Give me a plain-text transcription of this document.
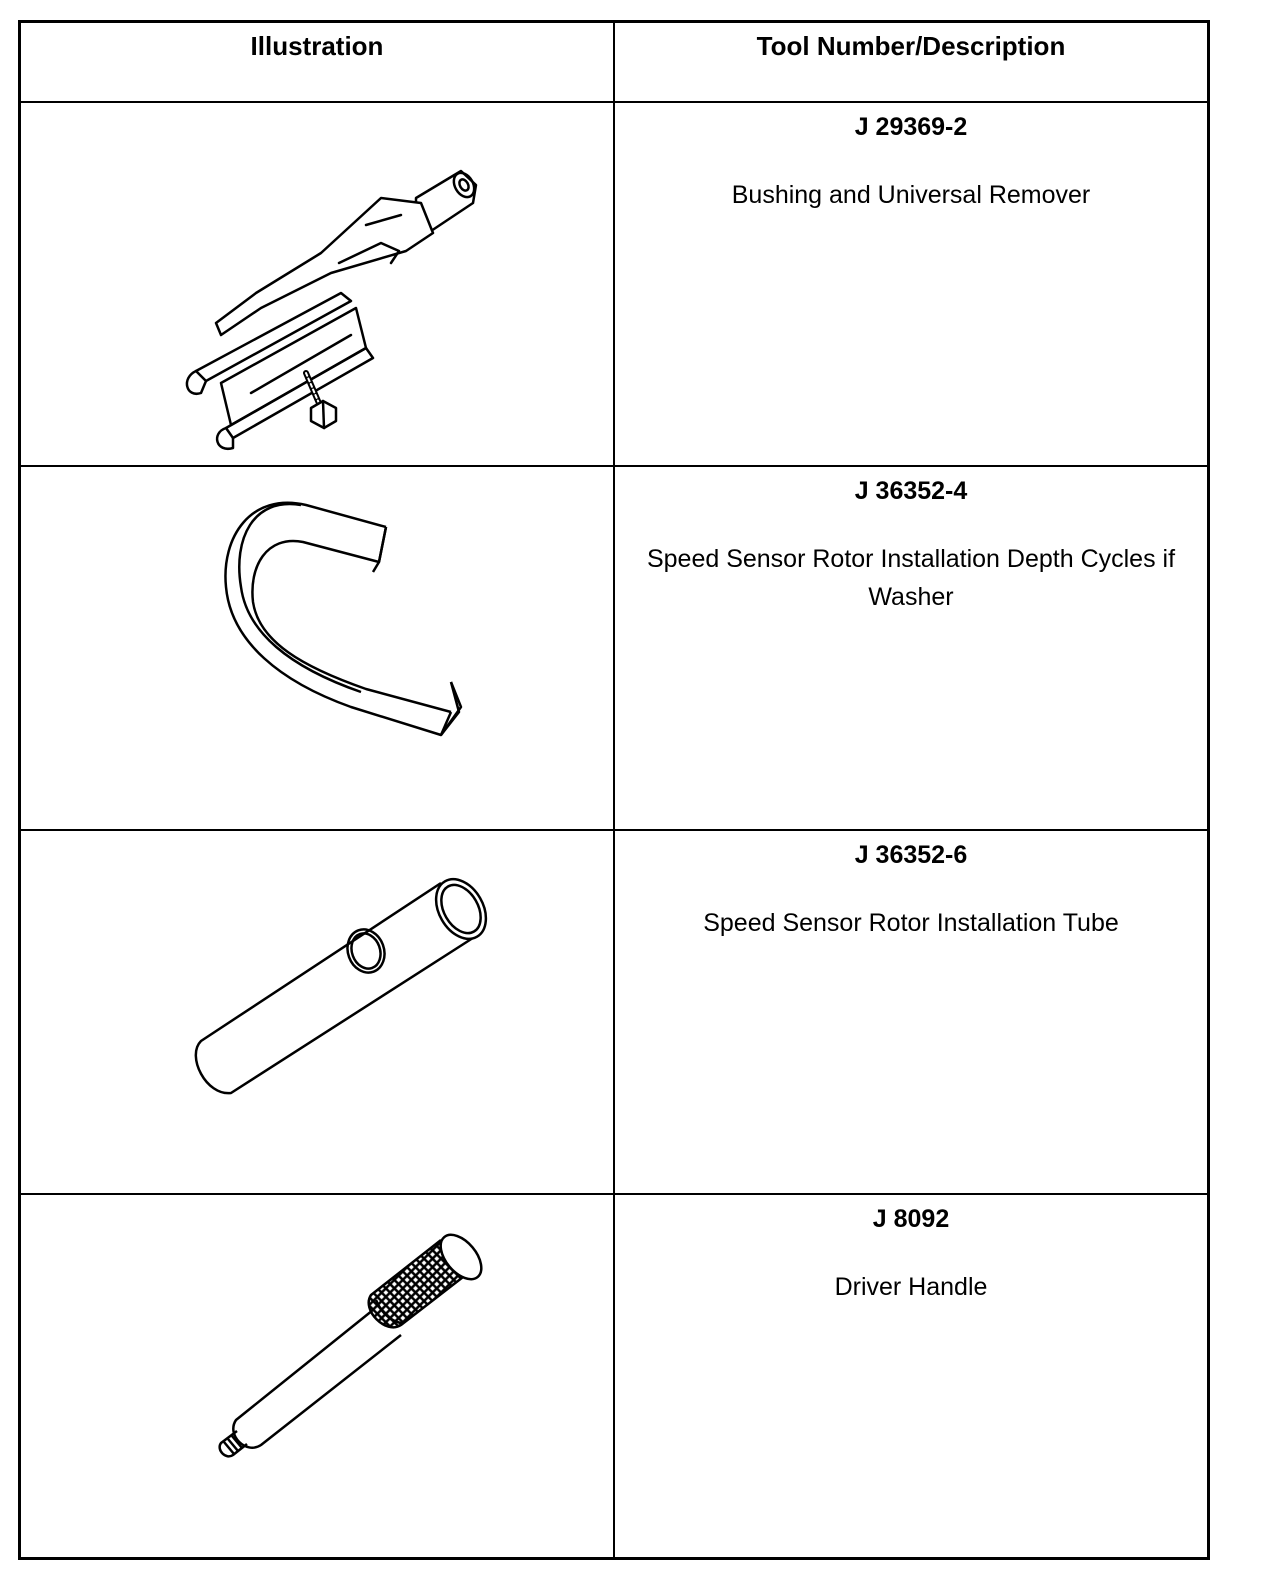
Illustration	Tool Number/Description

J 29369-2
Bushing and Universal Remover

J 36352-4
Speed Sensor Rotor Installation Depth Cycles if Washer

J 36352-6
Speed Sensor Rotor Installation Tube

J 8092
Driver Handle
